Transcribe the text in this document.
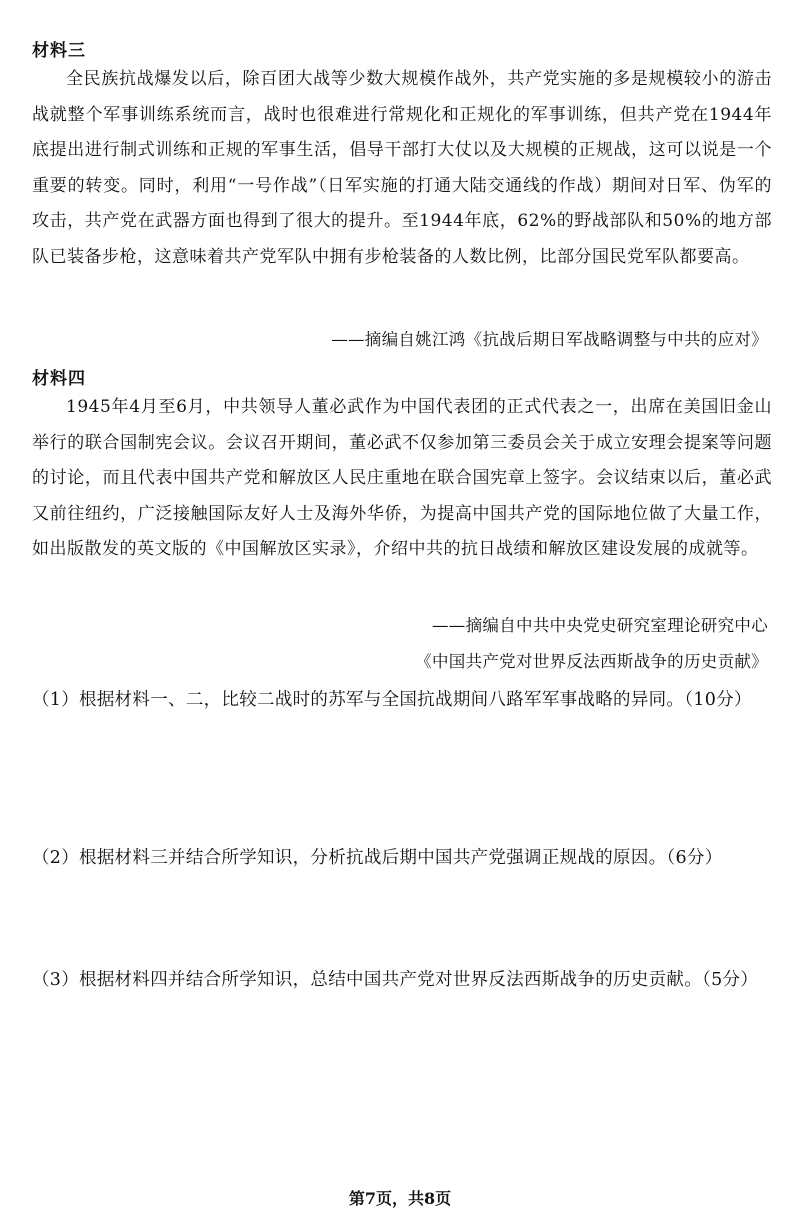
材料三

全民族抗战爆发以后，除百团大战等少数大规模作战外，共产党实施的多是规模较小的游击战就整个军事训练系统而言，战时也很难进行常规化和正规化的军事训练，但共产党在1944年底提出进行制式训练和正规的军事生活，倡导干部打大仗以及大规模的正规战，这可以说是一个重要的转变。同时，利用“一号作战”（日军实施的打通大陆交通线的作战）期间对日军、伪军的攻击，共产党在武器方面也得到了很大的提升。至1944年底，62%的野战部队和50%的地方部队已装备步枪，这意味着共产党军队中拥有步枪装备的人数比例，比部分国民党军队都要高。

——摘编自姚江鸿《抗战后期日军战略调整与中共的应对》
材料四

1945年4月至6月，中共领导人董必武作为中国代表团的正式代表之一，出席在美国旧金山举行的联合国制宪会议。会议召开期间，董必武不仅参加第三委员会关于成立安理会提案等问题的讨论，而且代表中国共产党和解放区人民庄重地在联合国宪章上签字。会议结束以后，董必武又前往纽约，广泛接触国际友好人士及海外华侨，为提高中国共产党的国际地位做了大量工作，如出版散发的英文版的《中国解放区实录》，介绍中共的抗日战绩和解放区建设发展的成就等。

——摘编自中共中央党史研究室理论研究中心
《中国共产党对世界反法西斯战争的历史贡献》

（1）根据材料一、二，比较二战时的苏军与全国抗战期间八路军军事战略的异同。（10分）

（2）根据材料三并结合所学知识，分析抗战后期中国共产党强调正规战的原因。（6分）

（3）根据材料四并结合所学知识，总结中国共产党对世界反法西斯战争的历史贡献。（5分）

第7页，共8页
